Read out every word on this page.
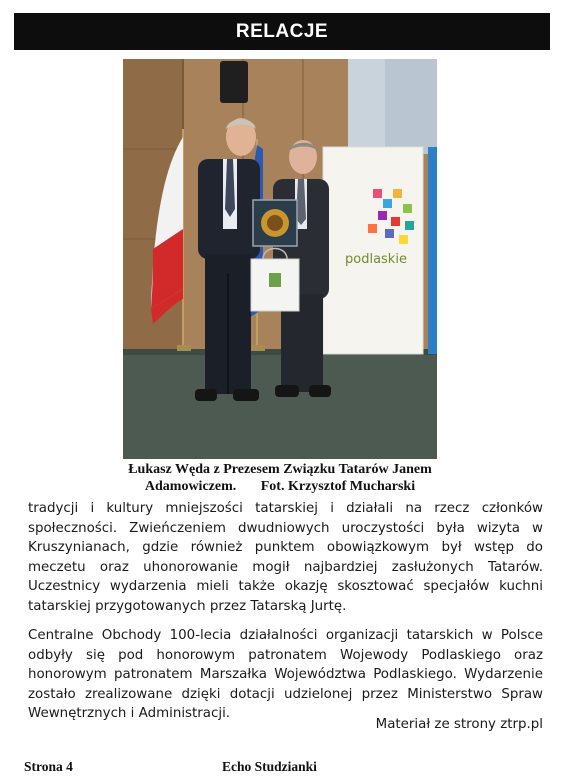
RELACJE
podlaskie
Łukasz Wędа z Prezesem Związku Tatarów Janem
Adamowiczem.       Fot. Krzysztof Mucharski

tradycji i kultury mniejszości tatarskiej i działali na rzecz członków społeczności. Zwieńczeniem dwudniowych uroczystości była wizyta w Kruszynianach, gdzie również punktem obowiązkowym był wstęp do meczetu oraz uhonorowanie mogił najbardziej zasłużonych Tatarów. Uczestnicy wydarzenia mieli także okazję skosztować specjałów kuchni tatarskiej przygotowanych przez Tatarską Jurtę.

Centralne Obchody 100-lecia działalności organizacji tatarskich w Polsce odbyły się pod honorowym patronatem Wojewody Podlaskiego oraz honorowym patronatem Marszałka Województwa Podlaskiego. Wydarzenie zostało zrealizowane dzięki dotacji udzielonej przez Ministerstwo Spraw Wewnętrznych i Administracji.

Materiał ze strony ztrp.pl
Strona 4	Echo Studzianki
